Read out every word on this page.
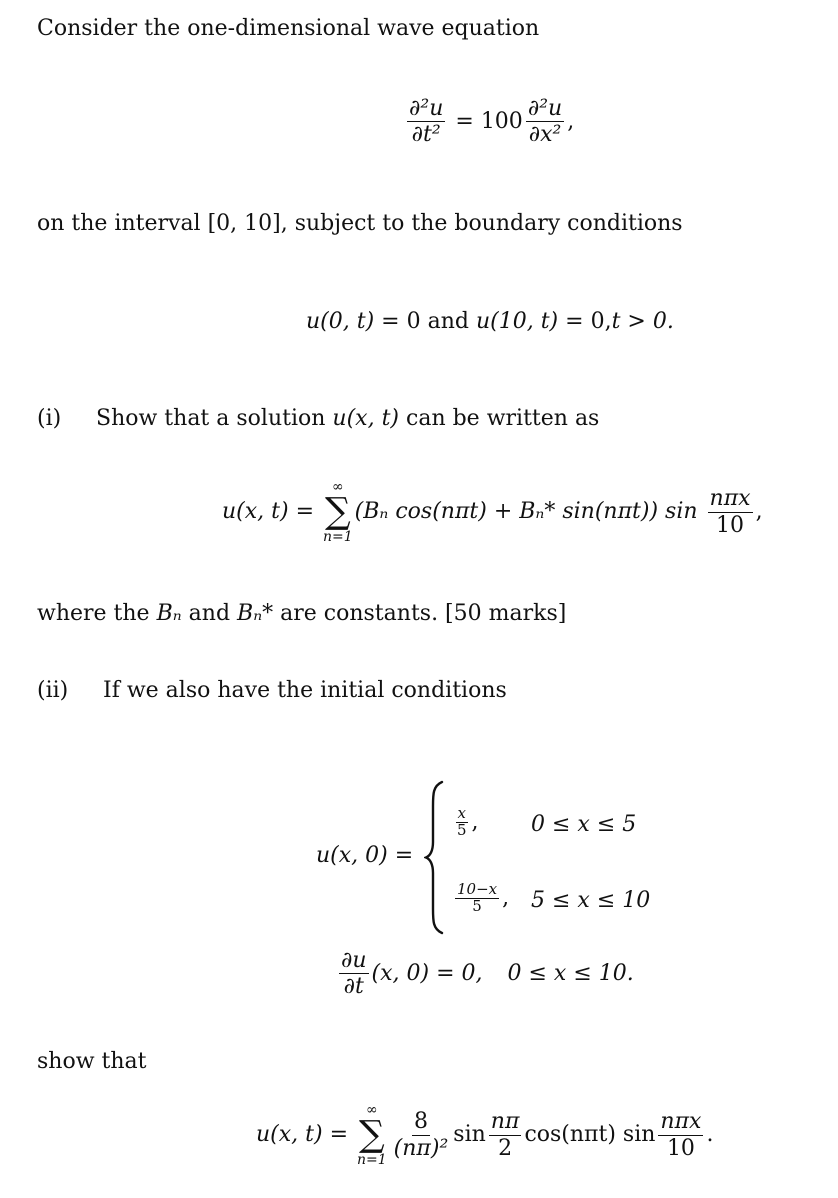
Consider the one-dimensional wave equation
$\frac{\text{∂²u}}{\text{∂t²}} = 100 \frac{\text{∂²u}}{\text{∂x²}}$ ,
on the interval [0, 10], subject to the boundary conditions
u(0, t) = 0 and u(10, t) = 0,t > 0.
(i) Show that a solution u(x, t) can be written as
u(x, t) =
∞
∑
n=1
(Bₙ cos(nπt) + Bₙ* sin(nπt)) $\sin \frac{\text{nπx}}{10}$ ,
where the Bₙ and Bₙ* are constants. [50 marks]
(ii) If we also have the initial conditions
u(x, 0) =
$\frac{x}{5}$ , 0 ≤ x ≤ 5
$\frac{10-x}{5}$ , 5 ≤ x ≤ 10
$\frac{\partial u}{\partial t} (x$, 0) = 0, 0 ≤ x ≤ 10.
show that
u(x, t) =
∞
∑
$n=1 \frac{8}{\text{(nπ)²}}$ $\sin \frac{n\pi}{2} \cos(n\pi t)$ $\sin \frac{\text{nπx}}{10}$ .
